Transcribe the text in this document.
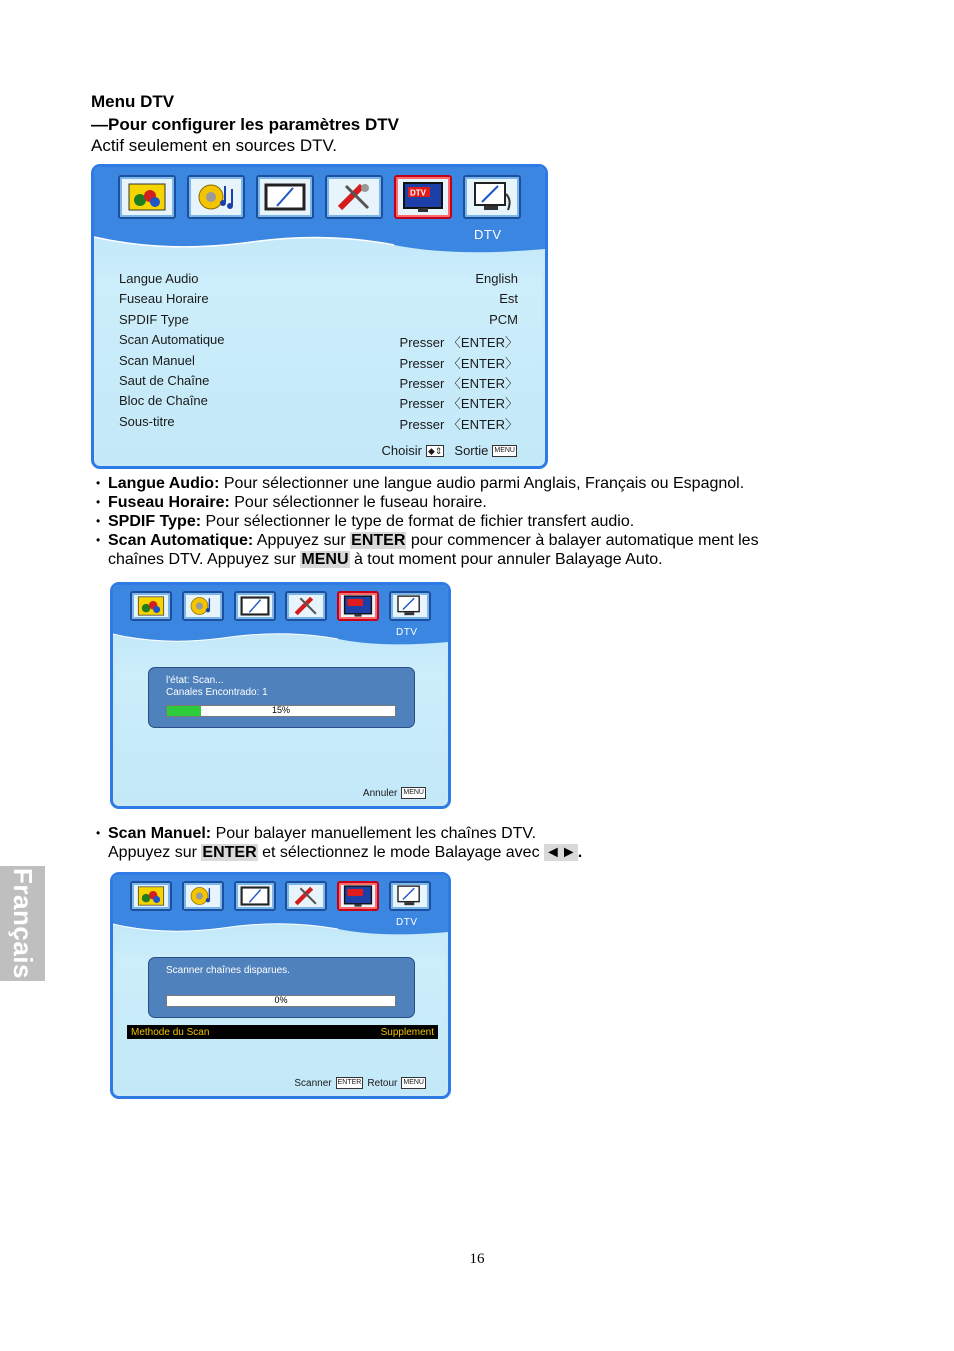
Menu DTV
—Pour configurer les paramètres DTV
Actif seulement en sources DTV.
DTV
DTV
Langue Audio	English
Fuseau Horaire	Est
SPDIF Type	PCM
Scan Automatique	Presser 〈ENTER〉
Scan Manuel	Presser 〈ENTER〉
Saut de Chaîne	Presser 〈ENTER〉
Bloc de Chaîne	Presser 〈ENTER〉
Sous-titre	Presser 〈ENTER〉
Choisir ◆⇕ Sortie MENU
• Langue Audio: Pour sélectionner une langue audio parmi Anglais, Français ou Espagnol.
• Fuseau Horaire: Pour sélectionner le fuseau horaire.
• SPDIF Type: Pour sélectionner le type de format de fichier transfert audio.
• Scan Automatique: Appuyez sur ENTER pour commencer à balayer automatique ment les
chaînes DTV. Appuyez sur MENU à tout moment pour annuler Balayage Auto.
DTV
l'état: Scan...
Canales Encontrado: 1
15%
Annuler MENU
• Scan Manuel: Pour balayer manuellement les chaînes DTV.
Appuyez sur ENTER et sélectionnez le mode Balayage avec ◄►.
DTV
Scanner chaînes disparues.
0%
Methode du Scan	Supplement
Scanner ENTER Retour MENU
Français
16
